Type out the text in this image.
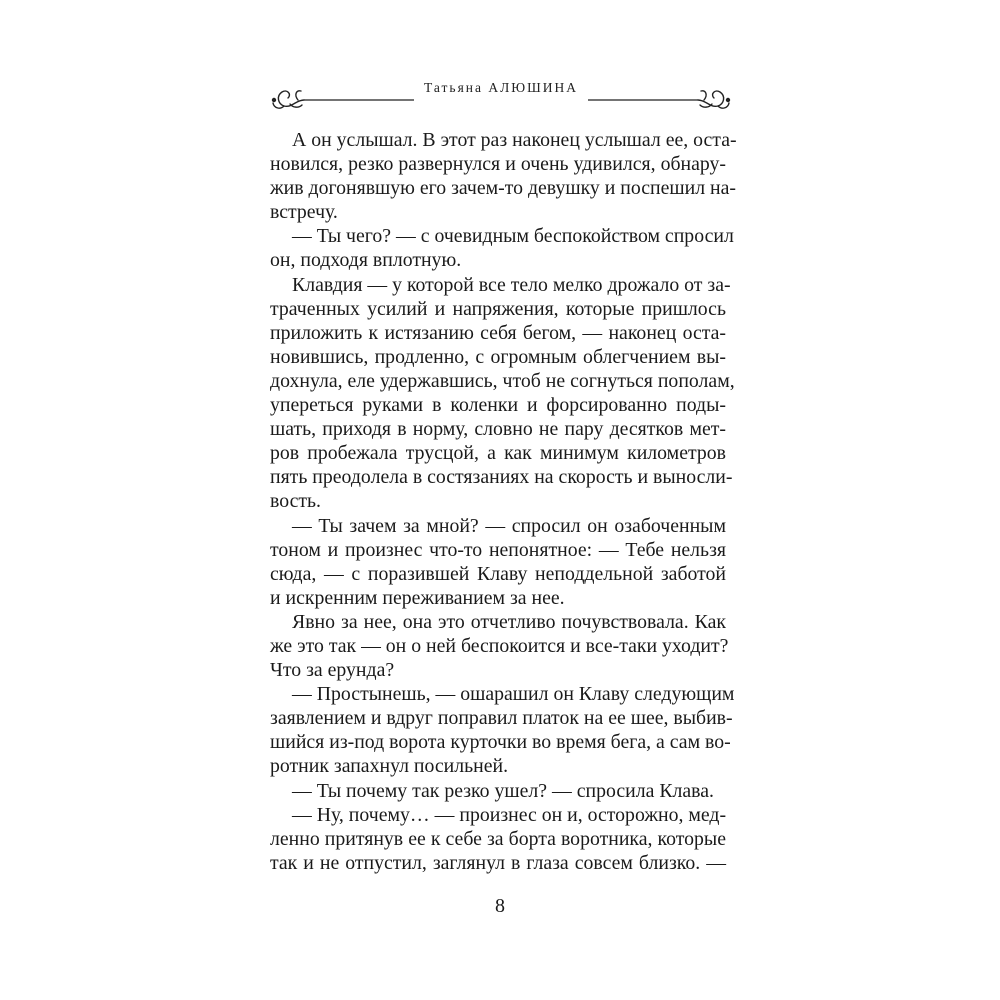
Татьяна АЛЮШИНА
А он услышал. В этот раз наконец услышал ее, оста-
новился, резко развернулся и очень удивился, обнару-
жив догонявшую его зачем-то девушку и поспешил на-
встречу.
— Ты чего? — с очевидным беспокойством спросил
он, подходя вплотную.
Клавдия — у которой все тело мелко дрожало от за-
траченных усилий и напряжения, которые пришлось
приложить к истязанию себя бегом, — наконец оста-
новившись, продленно, с огромным облегчением вы-
дохнула, еле удержавшись, чтоб не согнуться пополам,
упереться руками в коленки и форсированно поды-
шать, приходя в норму, словно не пару десятков мет-
ров пробежала трусцой, а как минимум километров
пять преодолела в состязаниях на скорость и выносли-
вость.
— Ты зачем за мной? — спросил он озабоченным
тоном и произнес что-то непонятное: — Тебе нельзя
сюда, — с поразившей Клаву неподдельной заботой
и искренним переживанием за нее.
Явно за нее, она это отчетливо почувствовала. Как
же это так — он о ней беспокоится и все-таки уходит?
Что за ерунда?
— Простынешь, — ошарашил он Клаву следующим
заявлением и вдруг поправил платок на ее шее, выбив-
шийся из-под ворота курточки во время бега, а сам во-
ротник запахнул посильней.
— Ты почему так резко ушел? — спросила Клава.
— Ну, почему… — произнес он и, осторожно, мед-
ленно притянув ее к себе за борта воротника, которые
так и не отпустил, заглянул в глаза совсем близко. —
8
